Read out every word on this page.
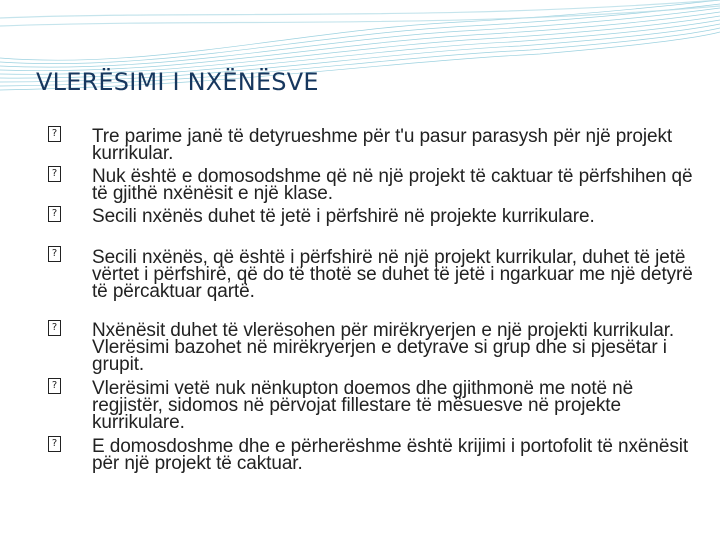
VLERËSIMI I NXËNËSVE
? Tre parime janë të detyrueshme për t'u pasur parasysh për një projekt kurrikular.
? Nuk është e domosodshme që në një projekt të caktuar të përfshihen që të gjithë nxënësit e një klase.
? Secili nxënës duhet të jetë i përfshirë në projekte kurrikulare.
? Secili nxënës, që është i përfshirë në një projekt kurrikular, duhet të jetë vërtet i përfshirë, që do të thotë se duhet të jetë i ngarkuar me një detyrë të përcaktuar qartë.
? Nxënësit duhet të vlerësohen për mirëkryerjen e një projekti kurrikular. Vlerësimi bazohet në mirëkryerjen e detyrave si grup dhe si pjesëtar i grupit.
? Vlerësimi vetë nuk nënkupton doemos dhe gjithmonë me notë në regjistër, sidomos në përvojat fillestare të mësuesve në projekte kurrikulare.
? E domosdoshme dhe e përherëshme është krijimi i portofolit të nxënësit për një projekt të caktuar.
